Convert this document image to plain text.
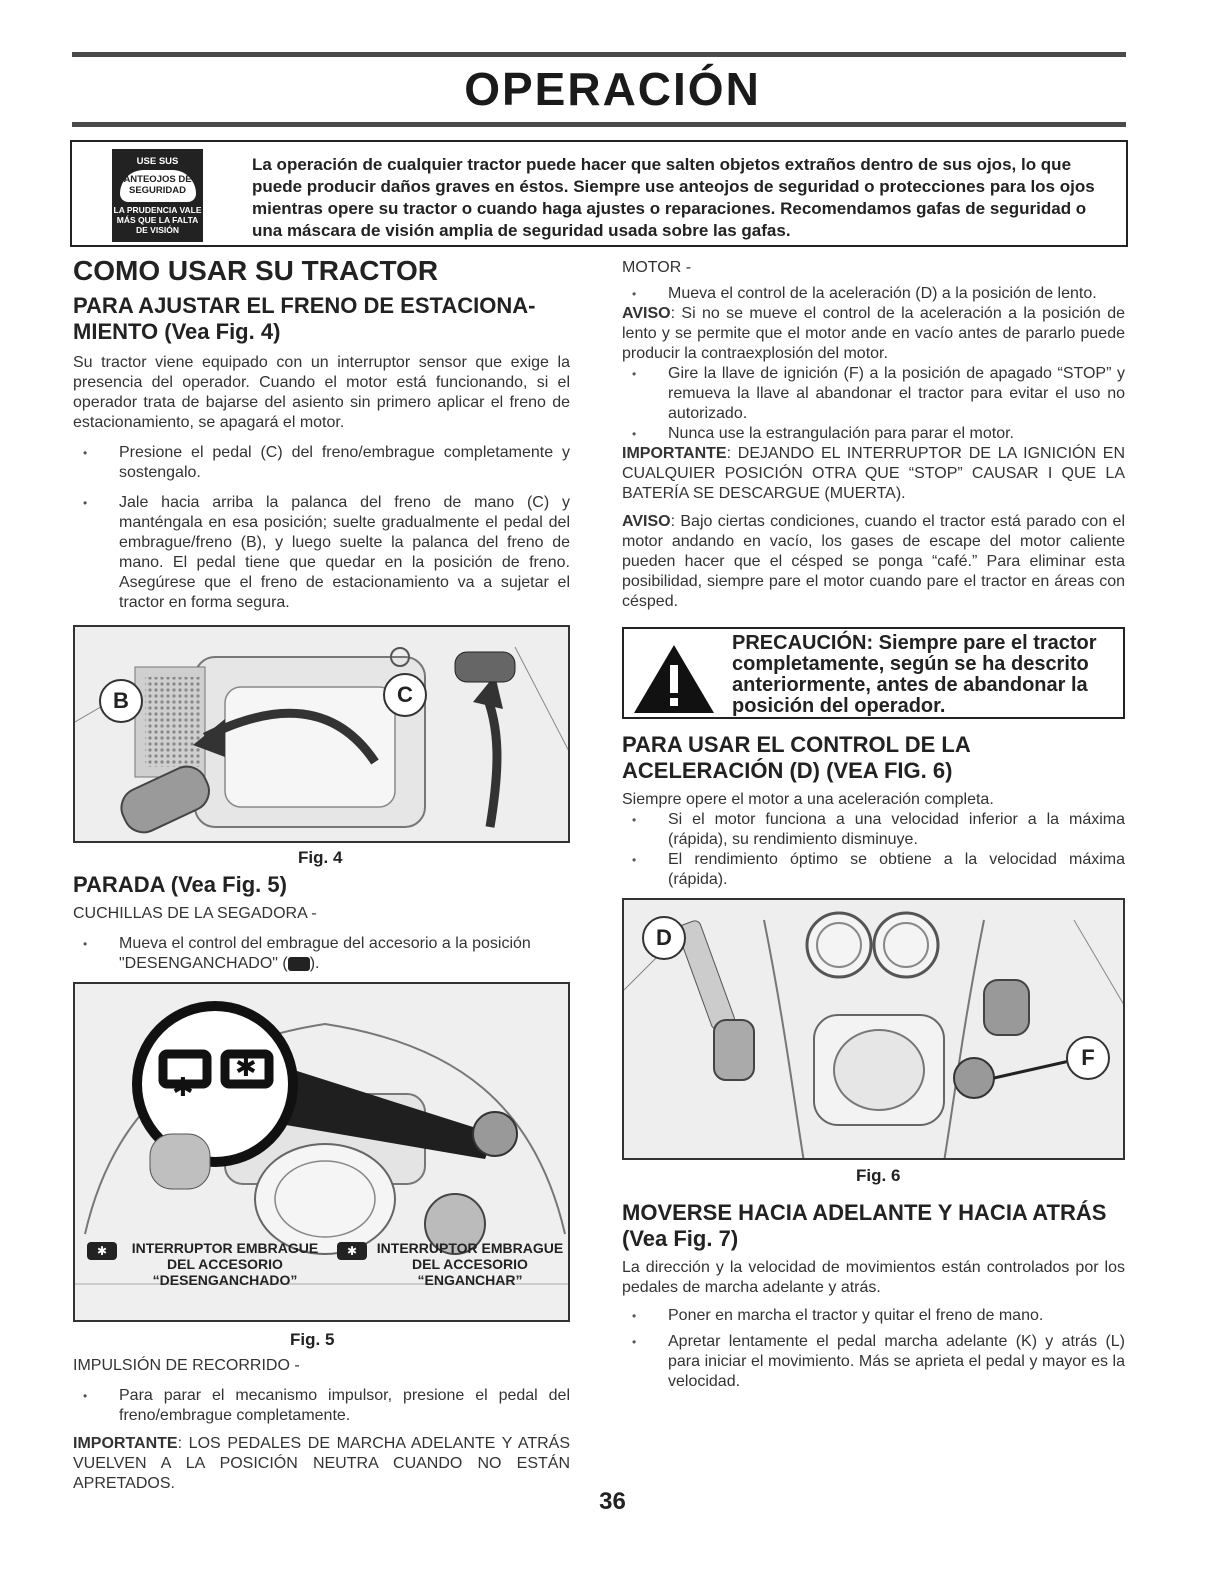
OPERACIÓN
USE SUS
ANTEOJOS DE SEGURIDAD
LA PRUDENCIA VALE MÁS QUE LA FALTA DE VISIÓN
La operación de cualquier tractor puede hacer que salten objetos extraños dentro de sus ojos, lo que puede producir daños graves en éstos. Siempre use anteojos de seguridad o protecciones para los ojos mientras opere su tractor o cuando haga ajustes o reparaciones. Recomendamos gafas de seguridad o una máscara de visión amplia de seguridad usada sobre las gafas.
COMO USAR SU TRACTOR
PARA AJUSTAR EL FRENO DE ESTACIONA-MIENTO (Vea Fig. 4)

Su tractor viene equipado con un interruptor sensor que exige la presencia del operador. Cuando el motor está funcionando, si el operador trata de bajarse del asiento sin primero aplicar el freno de estacionamiento, se apagará el motor.

• Presione el pedal (C) del freno/embrague completamente y sostengalo.
• Jale hacia arriba la palanca del freno de mano (C) y manténgala en esa posición; suelte gradualmente el pedal del embrague/freno (B), y luego suelte la palanca del freno de mano. El pedal tiene que quedar en la posición de freno. Asegúrese que el freno de estacionamiento va a sujetar el tractor en forma segura.
B	C
Fig. 4
PARADA (Vea Fig. 5)
CUCHILLAS DE LA SEGADORA -
• Mueva el control del embrague del accesorio a la posición "DESENGANCHADO" ( ).
✱
✱
✱	INTERRUPTOR EMBRAGUE DEL ACCESORIO “DESENGANCHADO”
✱	INTERRUPTOR EMBRAGUE DEL ACCESORIO “ENGANCHAR”
Fig. 5
IMPULSIÓN DE RECORRIDO -
• Para parar el mecanismo impulsor, presione el pedal del freno/embrague completamente.

IMPORTANTE: LOS PEDALES DE MARCHA ADELANTE Y ATRÁS VUELVEN A LA POSICIÓN NEUTRA CUANDO NO ESTÁN APRETADOS.

MOTOR -
• Mueva el control de la aceleración (D) a la posición de lento.

AVISO: Si no se mueve el control de la aceleración a la posición de lento y se permite que el motor ande en vacío antes de pararlo puede producir la contraexplosión del motor.

• Gire la llave de ignición (F) a la posición de apagado “STOP” y remueva la llave al abandonar el tractor para evitar el uso no autorizado.
• Nunca use la estrangulación para parar el motor.

IMPORTANTE: DEJANDO EL INTERRUPTOR DE LA IGNICIÓN EN CUALQUIER POSICIÓN OTRA QUE “STOP” CAUSAR I QUE LA BATERÍA SE DESCARGUE (MUERTA).

AVISO: Bajo ciertas condiciones, cuando el tractor está parado con el motor andando en vacío, los gases de escape del motor caliente pueden hacer que el césped se ponga “café.” Para eliminar esta posibilidad, siempre pare el motor cuando pare el tractor en áreas con césped.

PRECAUCIÓN: Siempre pare el tractor completamente, según se ha descrito anteriormente, antes de abandonar la posición del operador.
PARA USAR EL CONTROL DE LA ACELERACIÓN (D) (VEA FIG. 6)

Siempre opere el motor a una aceleración completa.

• Si el motor funciona a una velocidad inferior a la máxima (rápida), su rendimiento disminuye.
• El rendimiento óptimo se obtiene a la velocidad máxima (rápida).
D
F
Fig. 6
MOVERSE HACIA ADELANTE Y HACIA ATRÁS (Vea Fig. 7)

La dirección y la velocidad de movimientos están controlados por los pedales de marcha adelante y atrás.

• Poner en marcha el tractor y quitar el freno de mano.
• Apretar lentamente el pedal marcha adelante (K) y atrás (L) para iniciar el movimiento. Más se aprieta el pedal y mayor es la velocidad.
36
